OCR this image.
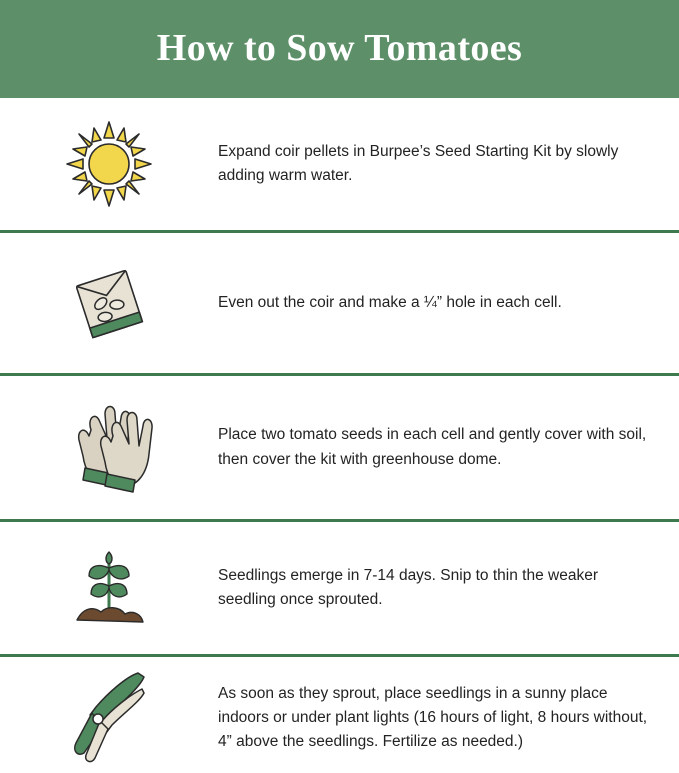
How to Sow Tomatoes
Expand coir pellets in Burpee’s Seed Starting Kit by slowly adding warm water.
Even out the coir and make a ¼” hole in each cell.
Place two tomato seeds in each cell and gently cover with soil, then cover the kit with greenhouse dome.
Seedlings emerge in 7-14 days. Snip to thin the weaker seedling once sprouted.
As soon as they sprout, place seedlings in a sunny place indoors or under plant lights (16 hours of light, 8 hours without, 4” above the seedlings. Fertilize as needed.)
